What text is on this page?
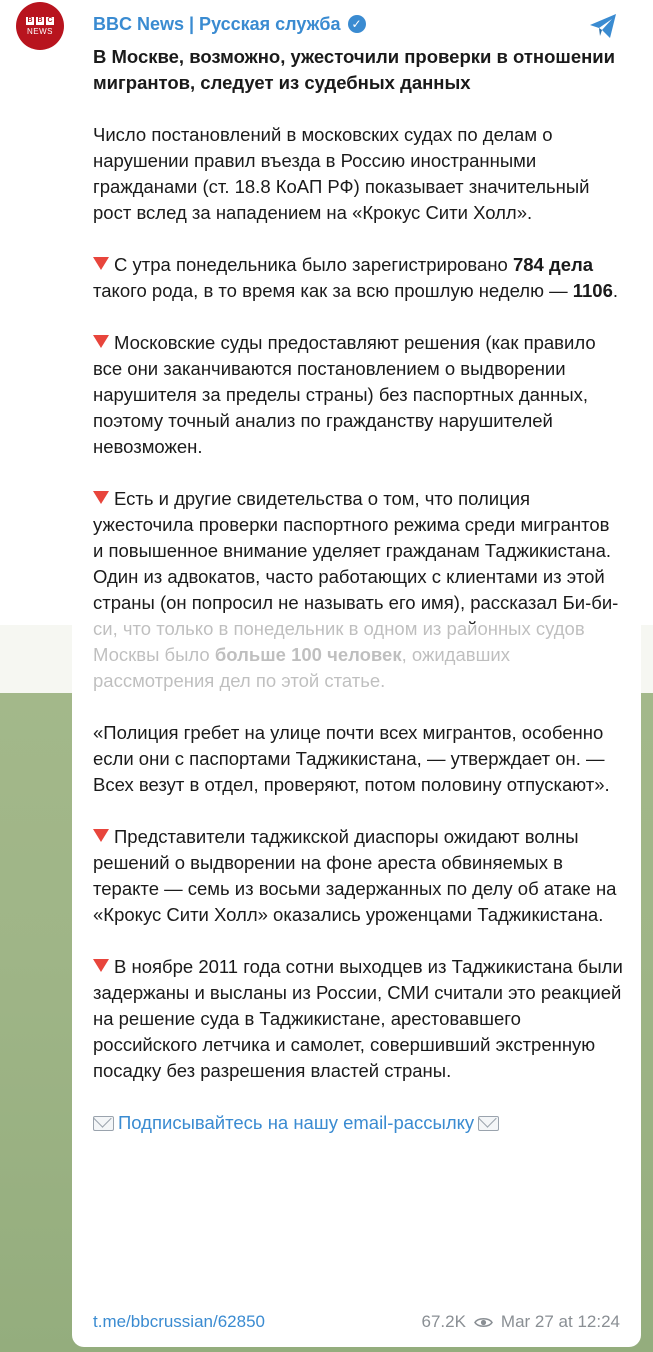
B B C
NEWS BBC News | Русская служба ✓
В Москве, возможно, ужесточили проверки в отношении мигрантов, следует из судебных данных
Число постановлений в московских судах по делам о нарушении правил въезда в Россию иностранными гражданами (ст. 18.8 КоАП РФ) показывает значительный рост вслед за нападением на «Крокус Сити Холл».
С утра понедельника было зарегистрировано 784 дела такого рода, в то время как за всю прошлую неделю — 1106.
Московские суды предоставляют решения (как правило все они заканчиваются постановлением о выдворении нарушителя за пределы страны) без паспортных данных, поэтому точный анализ по гражданству нарушителей невозможен.
Есть и другие свидетельства о том, что полиция ужесточила проверки паспортного режима среди мигрантов и повышенное внимание уделяет гражданам Таджикистана. Один из адвокатов, часто работающих с клиентами из этой страны (он попросил не называть его имя), рассказал Би-би-
«Полиция гребет на улице почти всех мигрантов, особенно если они с паспортами Таджикистана, — утверждает он. — Всех везут в отдел, проверяют, потом половину отпускают».
Представители таджикской диаспоры ожидают волны решений о выдворении на фоне ареста обвиняемых в теракте — семь из восьми задержанных по делу об атаке на «Крокус Сити Холл» оказались уроженцами Таджикистана.
В ноябре 2011 года сотни выходцев из Таджикистана были задержаны и высланы из России, СМИ считали это реакцией на решение суда в Таджикистане, арестовавшего российского летчика и самолет, совершивший экстренную посадку без разрешения властей страны.
Подписывайтесь на нашу email-рассылку
t.me/bbcrussian/62850	67.2K Mar 27 at 12:24
